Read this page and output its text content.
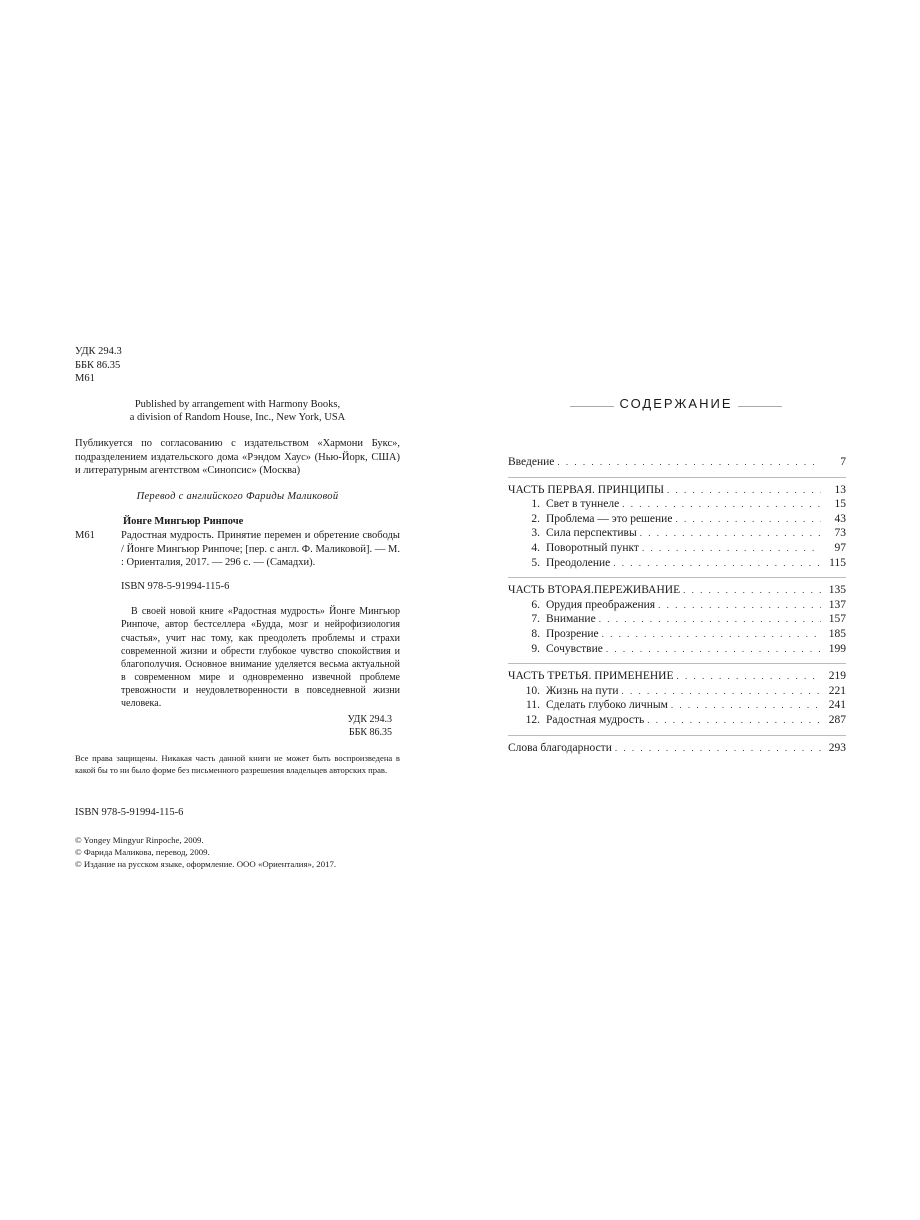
УДК 294.3
ББК 86.35
М61
Published by arrangement with Harmony Books,
a division of Random House, Inc., New York, USA
Публикуется по согласованию с издательством «Хармони Букс», подразделением издательского дома «Рэндом Хаус» (Нью-Йорк, США) и литературным агентством «Синопсис» (Москва)
Перевод с английского Фариды Маликовой
М61
Йонге Мингьюр Ринпоче
Радостная мудрость. Принятие перемен и обретение свободы / Йонге Мингьюр Ринпоче; [пер. с англ. Ф. Маликовой]. — М. : Ориенталия, 2017. — 296 с. — (Самадхи).
ISBN 978-5-91994-115-6
В своей новой книге «Радостная мудрость» Йонге Мингьюр Ринпоче, автор бестселлера «Будда, мозг и нейрофизиология счастья», учит нас тому, как преодолеть проблемы и страхи современной жизни и обрести глубокое чувство спокойствия и благополучия. Основное внимание уделяется весьма актуальной в современном мире и одновременно извечной проблеме тревожности и неудовлетворенности в повседневной жизни человека.
УДК 294.3
ББК 86.35
Все права защищены. Никакая часть данной книги не может быть воспроизведена в какой бы то ни было форме без письменного разрешения владельцев авторских прав.
ISBN 978-5-91994-115-6
© Yongey Mingyur Rinpoche, 2009.
© Фарида Маликова, перевод, 2009.
© Издание на русском языке, оформление. ООО «Ориенталия», 2017.
СОДЕРЖАНИЕ
Введение . . .	7
ЧАСТЬ ПЕРВАЯ. ПРИНЦИПЫ . . .	13
1. Свет в туннеле . . .	15
2. Проблема — это решение . . .	43
3. Сила перспективы . . .	73
4. Поворотный пункт . . .	97
5. Преодоление . . .	115
ЧАСТЬ ВТОРАЯ.ПЕРЕЖИВАНИЕ . . .	135
6. Орудия преображения . . .	137
7. Внимание . . .	157
8. Прозрение . . .	185
9. Сочувствие . . .	199
ЧАСТЬ ТРЕТЬЯ. ПРИМЕНЕНИЕ . . .	219
10. Жизнь на пути . . .	221
11. Сделать глубоко личным . . .	241
12. Радостная мудрость . . .	287
Слова благодарности . . .	293
